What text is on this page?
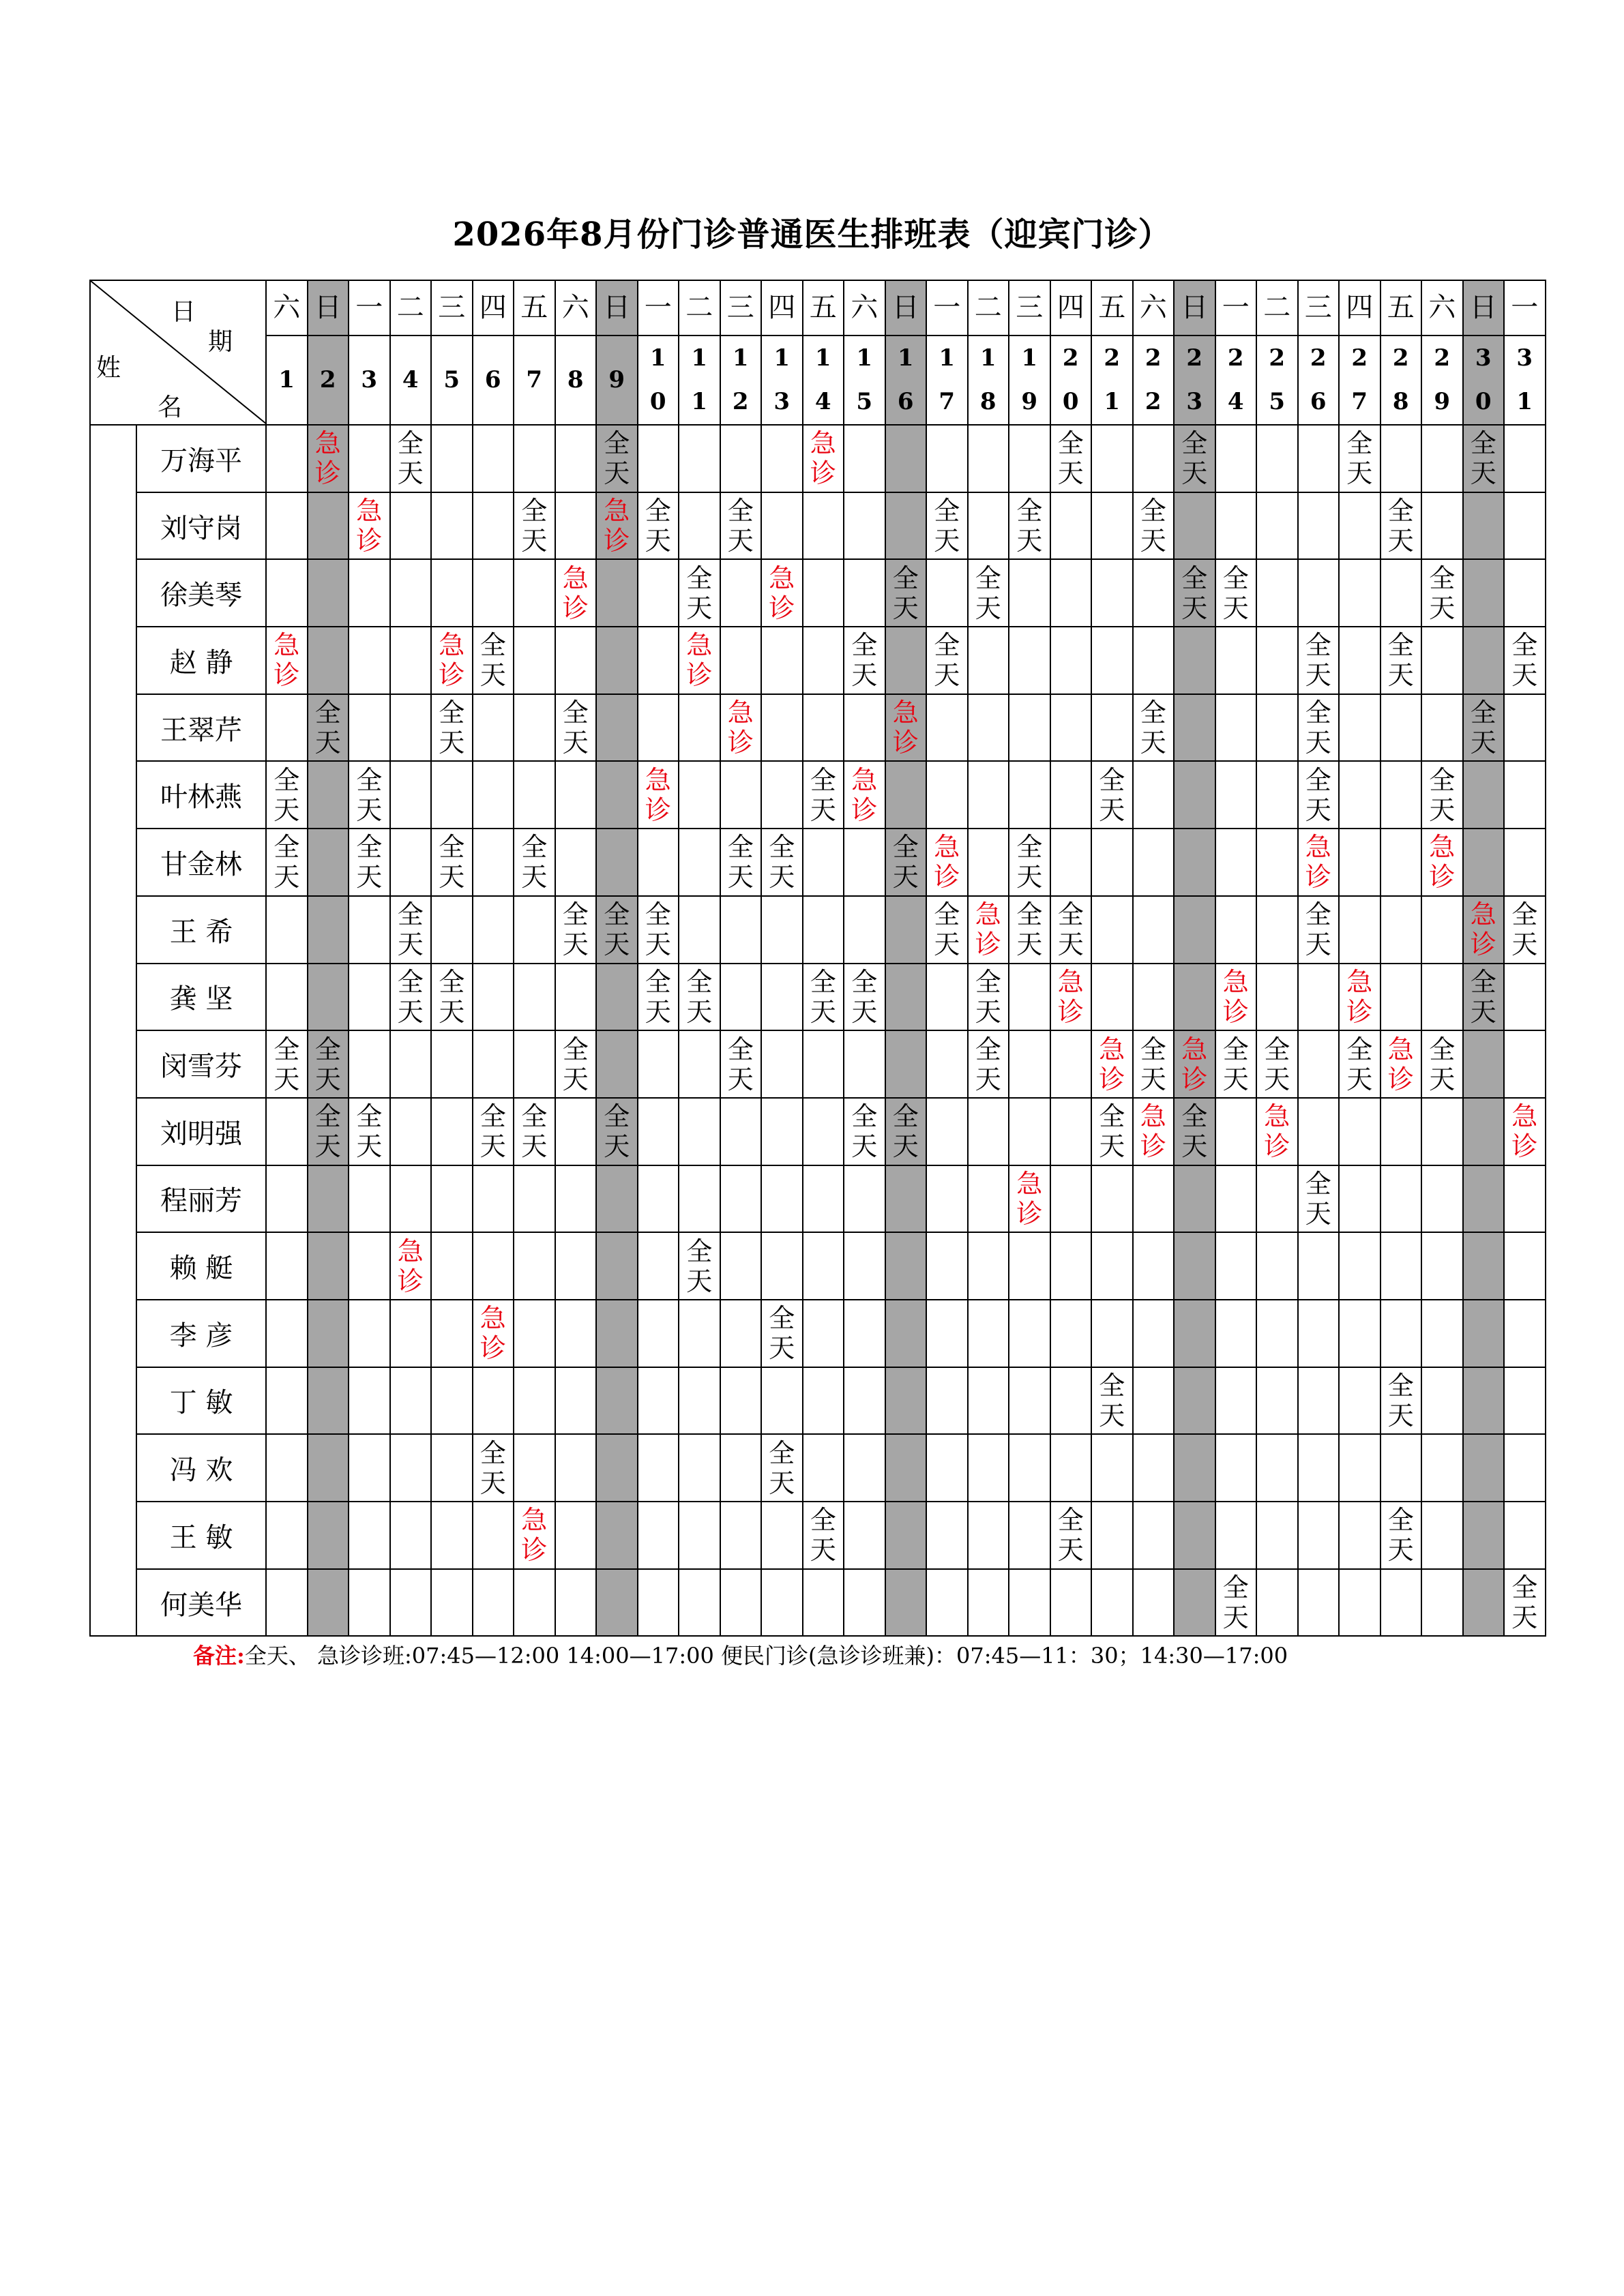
2026年8月份门诊普通医生排班表（迎宾门诊）
日
期
姓
名		六	日	一	二	三	四	五	六	日	一	二	三	四	五	六	日	一	二	三	四	五	六	日	一	二	三	四	五	六	日	一
		1	2	3	4	5	6	7	8	9	10	11	12	13	14	15	16	17	18	19	20	21	22	23	24	25	26	27	28	29	30	31
	万海平		急诊		全天					全天					急诊						全天			全天				全天			全天	

	刘守岗			急诊				全天		急诊	全天		全天					全天		全天			全天						全天			

	徐美琴								急诊			全天		急诊			全天		全天					全天	全天					全天		

	赵 静	急诊				急诊	全天					急诊				全天		全天									全天		全天			全天

	王翠芹		全天			全天			全天				急诊				急诊						全天				全天				全天	

	叶林燕	全天		全天							急诊				全天	急诊						全天					全天			全天		

	甘金林	全天		全天		全天		全天					全天	全天			全天	急诊		全天							急诊			急诊		

	王 希				全天				全天	全天	全天							全天	急诊	全天	全天						全天				急诊	全天

	龚 坚				全天	全天					全天	全天			全天	全天			全天		急诊				急诊			急诊			全天	

	闵雪芬	全天	全天						全天				全天						全天			急诊	全天	急诊	全天	全天		全天	急诊	全天		

	刘明强		全天	全天			全天	全天		全天						全天	全天					全天	急诊	全天		急诊						急诊

	程丽芳																			急诊							全天					

	赖 艇				急诊							全天																				

	李 彦						急诊							全天																		

	丁 敏																					全天							全天			

	冯 欢						全天							全天																		

	王 敏							急诊							全天						全天								全天			

	何美华																								全天							全天
备注:全天、 急诊诊班:07:45—12:00 14:00—17:00 便民门诊(急诊诊班兼)：07:45—11：30；14:30—17:00
